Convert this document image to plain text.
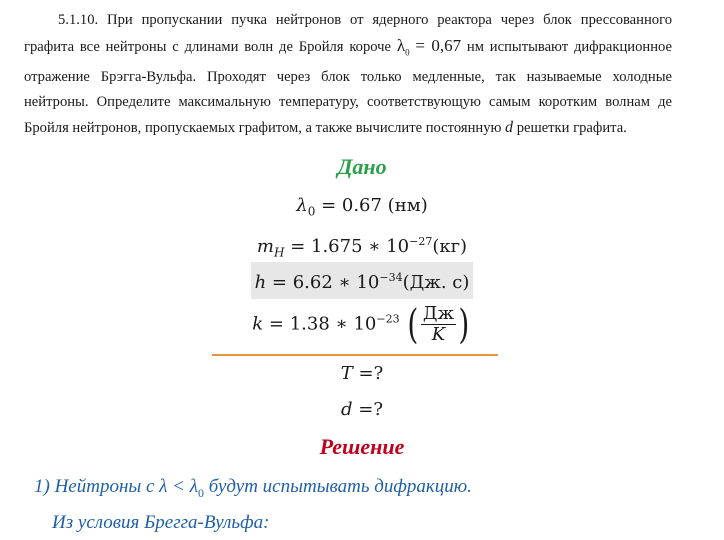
5.1.10. При пропускании пучка нейтронов от ядерного реактора через блок прессованного графита все нейтроны с длинами волн де Бройля короче $\lambda_0 = 0,67$ нм испытывают дифракционное отражение Брэгга-Вульфа. Проходят через блок только медленные, так называемые холодные нейтроны. Определите максимальную температуру, соответствующую самым коротким волнам де Бройля нейтронов, пропускаемых графитом, а также вычислите постоянную d решетки графита.

Дано
$\lambda_0 = 0.67$ (нм)
$m_H = 1.675$ ∗ $10^{-27}(кг)$
h = 6.62 ∗ $10^{-34}(Дж$. с)
k = 1.38 ∗ $10^{-23}$ ( $\frac{Дж}{K}$ )
T =?
d =?
Решение
1) Нейтроны с $\lambda < \lambda_0$ будут испытывать дифракцию.
Из условия Брегга-Вульфа:
